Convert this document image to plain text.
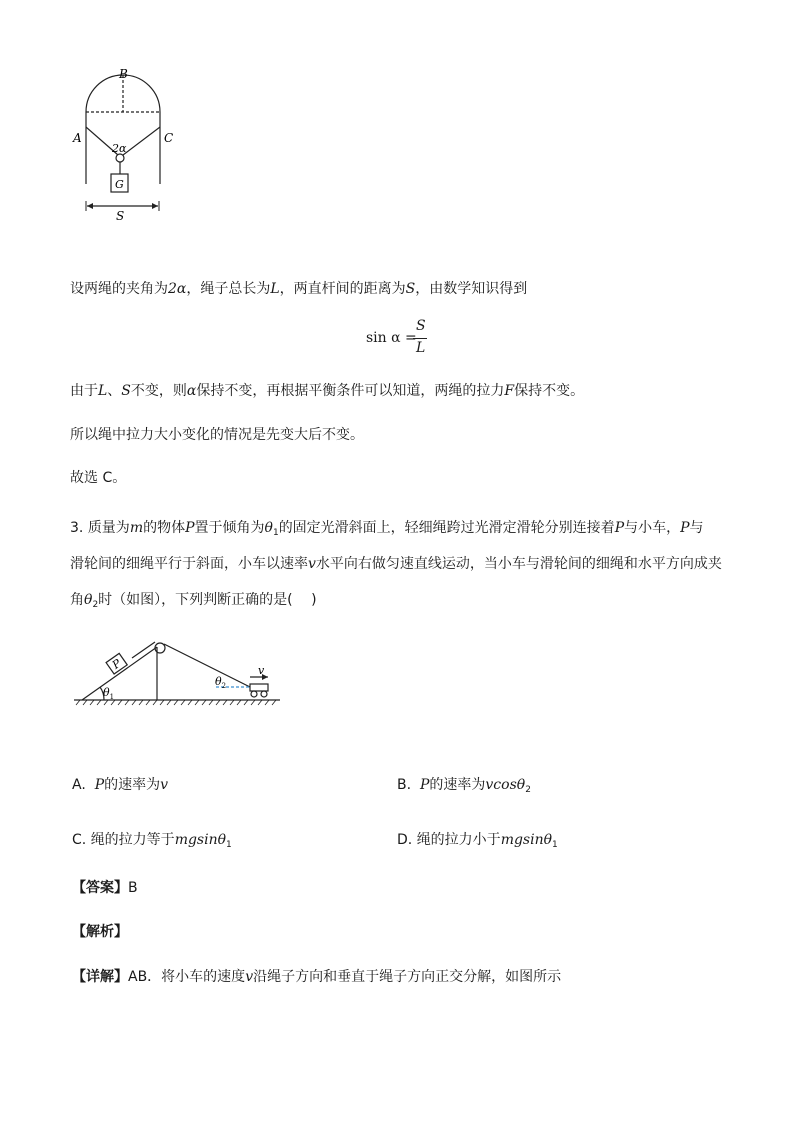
B
A	C
2α
G
S
设两绳的夹角为2α，绳子总长为L，两直杆间的距离为S，由数学知识得到
sin α =
S
L
由于L、S不变，则α保持不变，再根据平衡条件可以知道，两绳的拉力F保持不变。
所以绳中拉力大小变化的情况是先变大后不变。
故选 C。
3. 质量为m的物体P置于倾角为$\theta_1$的固定光滑斜面上，轻细绳跨过光滑定滑轮分别连接着P与小车，P与
滑轮间的细绳平行于斜面，小车以速率v水平向右做匀速直线运动，当小车与滑轮间的细绳和水平方向成夹
角$\theta_2$时（如图），下列判断正确的是(　 )
P
$\theta_1$
$\theta_2$
v
A. P的速率为v	B. P的速率为vcosθ$_2$
C. 绳的拉力等于mgsinθ$_1$	D. 绳的拉力小于mgsinθ$_1$
【答案】B
【解析】
【详解】AB．将小车的速度v沿绳子方向和垂直于绳子方向正交分解，如图所示
